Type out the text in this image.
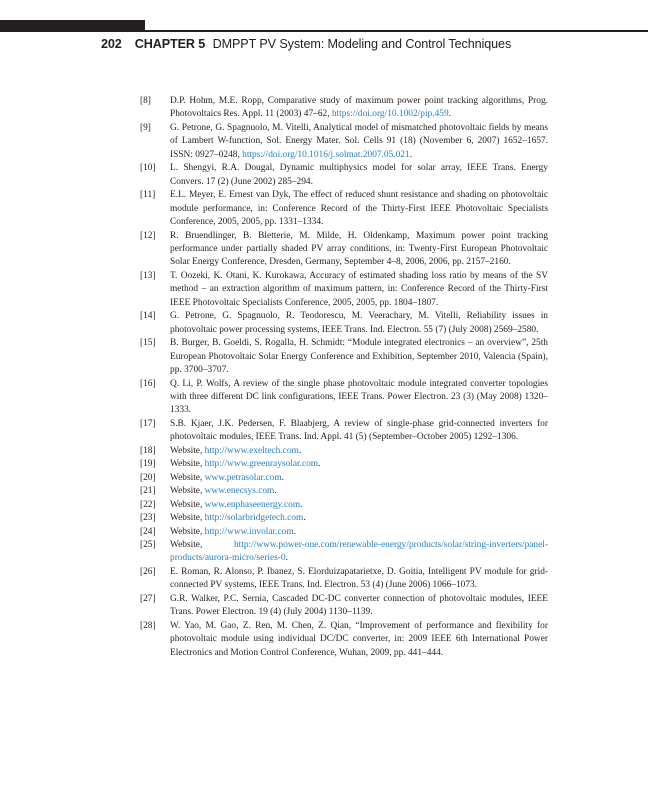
202 CHAPTER 5 DMPPT PV System: Modeling and Control Techniques
[8]	D.P. Hohm, M.E. Ropp, Comparative study of maximum power point tracking algorithms, Prog. Photovoltaics Res. Appl. 11 (2003) 47‒62, https://doi.org/10.1002/pip.459.
[9]	G. Petrone, G. Spagnuolo, M. Vitelli, Analytical model of mismatched photovoltaic fields by means of Lambert W-function, Sol. Energy Mater. Sol. Cells 91 (18) (November 6, 2007) 1652‒1657. ISSN: 0927‒0248, https://doi.org/10.1016/j.solmat.2007.05.021.
[10]	L. Shengyi, R.A. Dougal, Dynamic multiphysics model for solar array, IEEE Trans. Energy Convers. 17 (2) (June 2002) 285‒294.
[11]	E.L. Meyer, E. Ernest van Dyk, The effect of reduced shunt resistance and shading on photovoltaic module performance, in: Conference Record of the Thirty-First IEEE Photovoltaic Specialists Conference, 2005, 2005, pp. 1331‒1334.
[12]	R. Bruendlinger, B. Bletterie, M. Milde, H. Oldenkamp, Maximum power point tracking performance under partially shaded PV array conditions, in: Twenty-First European Photovoltaic Solar Energy Conference, Dresden, Germany, September 4‒8, 2006, 2006, pp. 2157‒2160.
[13]	T. Oozeki, K. Otani, K. Kurokawa, Accuracy of estimated shading loss ratio by means of the SV method ‒ an extraction algorithm of maximum pattern, in: Conference Record of the Thirty-First IEEE Photovoltaic Specialists Conference, 2005, 2005, pp. 1804‒1807.
[14]	G. Petrone, G. Spagnuolo, R. Teodorescu, M. Veerachary, M. Vitelli, Reliability issues in photovoltaic power processing systems, IEEE Trans. Ind. Electron. 55 (7) (July 2008) 2569‒2580.
[15]	B. Burger, B. Goeldi, S. Rogalla, H. Schmidt: “Module integrated electronics ‒ an overview”, 25th European Photovoltaic Solar Energy Conference and Exhibition, September 2010, Valencia (Spain), pp. 3700‒3707.
[16]	Q. Li, P. Wolfs, A review of the single phase photovoltaic module integrated converter topologies with three different DC link configurations, IEEE Trans. Power Electron. 23 (3) (May 2008) 1320‒1333.
[17]	S.B. Kjaer, J.K. Pedersen, F. Blaabjerg, A review of single-phase grid-connected inverters for photovoltaic modules, IEEE Trans. Ind. Appl. 41 (5) (September‒October 2005) 1292‒1306.
[18]	Website, http://www.exeltech.com.
[19]	Website, http://www.greenraysolar.com.
[20]	Website, www.petrasolar.com.
[21]	Website, www.enecsys.com.
[22]	Website, www.enphaseenergy.com.
[23]	Website, http://solarbridgetech.com.
[24]	Website, http://www.involar.com.
[25]	Website, http://www.power-one.com/renewable-energy/products/solar/string-inverters/panel-products/aurora-micro/series-0.
[26]	E. Roman, R. Alonso, P. Ibanez, S. Elorduizapatarietxe, D. Goitia, Intelligent PV module for grid-connected PV systems, IEEE Trans. Ind. Electron. 53 (4) (June 2006) 1066‒1073.
[27]	G.R. Walker, P.C. Sernia, Cascaded DC-DC converter connection of photovoltaic modules, IEEE Trans. Power Electron. 19 (4) (July 2004) 1130‒1139.
[28]	W. Yao, M. Gao, Z. Ren, M. Chen, Z. Qian, “Improvement of performance and flexibility for photovoltaic module using individual DC/DC converter, in: 2009 IEEE 6th International Power Electronics and Motion Control Conference, Wuhan, 2009, pp. 441‒444.
